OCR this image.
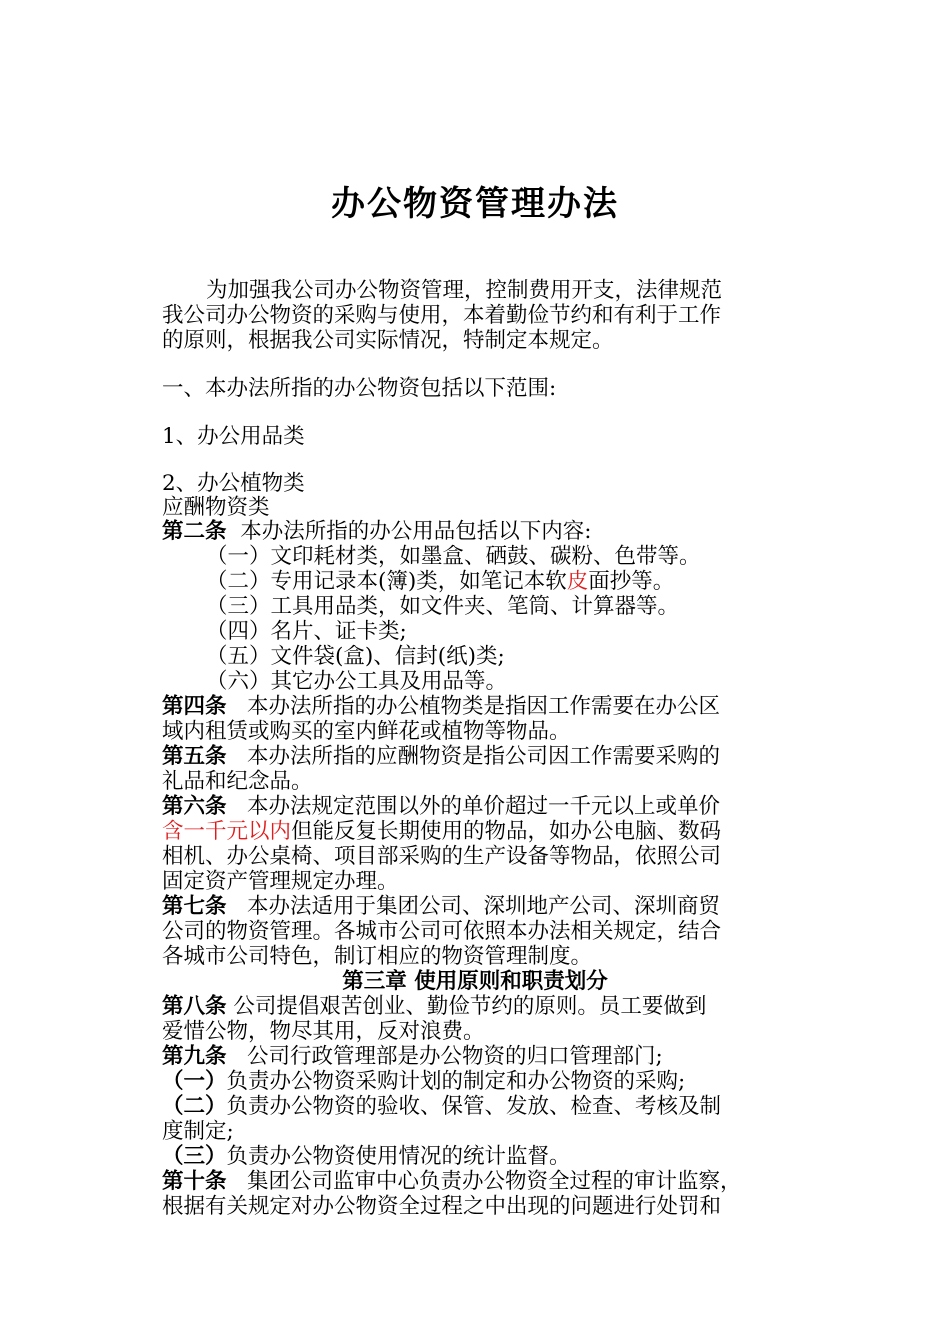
办公物资管理办法
为加强我公司办公物资管理，控制费用开支，法律规范
我公司办公物资的采购与使用，本着勤俭节约和有利于工作
的原则，根据我公司实际情况，特制定本规定。
一、本办法所指的办公物资包括以下范围:
1、办公用品类
2、办公植物类
应酬物资类
第二条 本办法所指的办公用品包括以下内容:
（一）文印耗材类，如墨盒、硒鼓、碳粉、色带等。
（二）专用记录本(簿)类，如笔记本软皮面抄等。
（三）工具用品类，如文件夹、笔筒、计算器等。
（四）名片、证卡类;
（五）文件袋(盒)、信封(纸)类;
（六）其它办公工具及用品等。
第四条 本办法所指的办公植物类是指因工作需要在办公区
域内租赁或购买的室内鲜花或植物等物品。
第五条 本办法所指的应酬物资是指公司因工作需要采购的
礼品和纪念品。
第六条 本办法规定范围以外的单价超过一千元以上或单价
含一千元以内但能反复长期使用的物品，如办公电脑、数码
相机、办公桌椅、项目部采购的生产设备等物品，依照公司
固定资产管理规定办理。
第七条 本办法适用于集团公司、深圳地产公司、深圳商贸
公司的物资管理。各城市公司可依照本办法相关规定，结合
各城市公司特色，制订相应的物资管理制度。
第三章 使用原则和职责划分
第八条 公司提倡艰苦创业、勤俭节约的原则。员工要做到
爱惜公物，物尽其用，反对浪费。
第九条 公司行政管理部是办公物资的归口管理部门;
（一）负责办公物资采购计划的制定和办公物资的采购;
（二）负责办公物资的验收、保管、发放、检查、考核及制
度制定;
（三）负责办公物资使用情况的统计监督。
第十条 集团公司监审中心负责办公物资全过程的审计监察，
根据有关规定对办公物资全过程之中出现的问题进行处罚和
